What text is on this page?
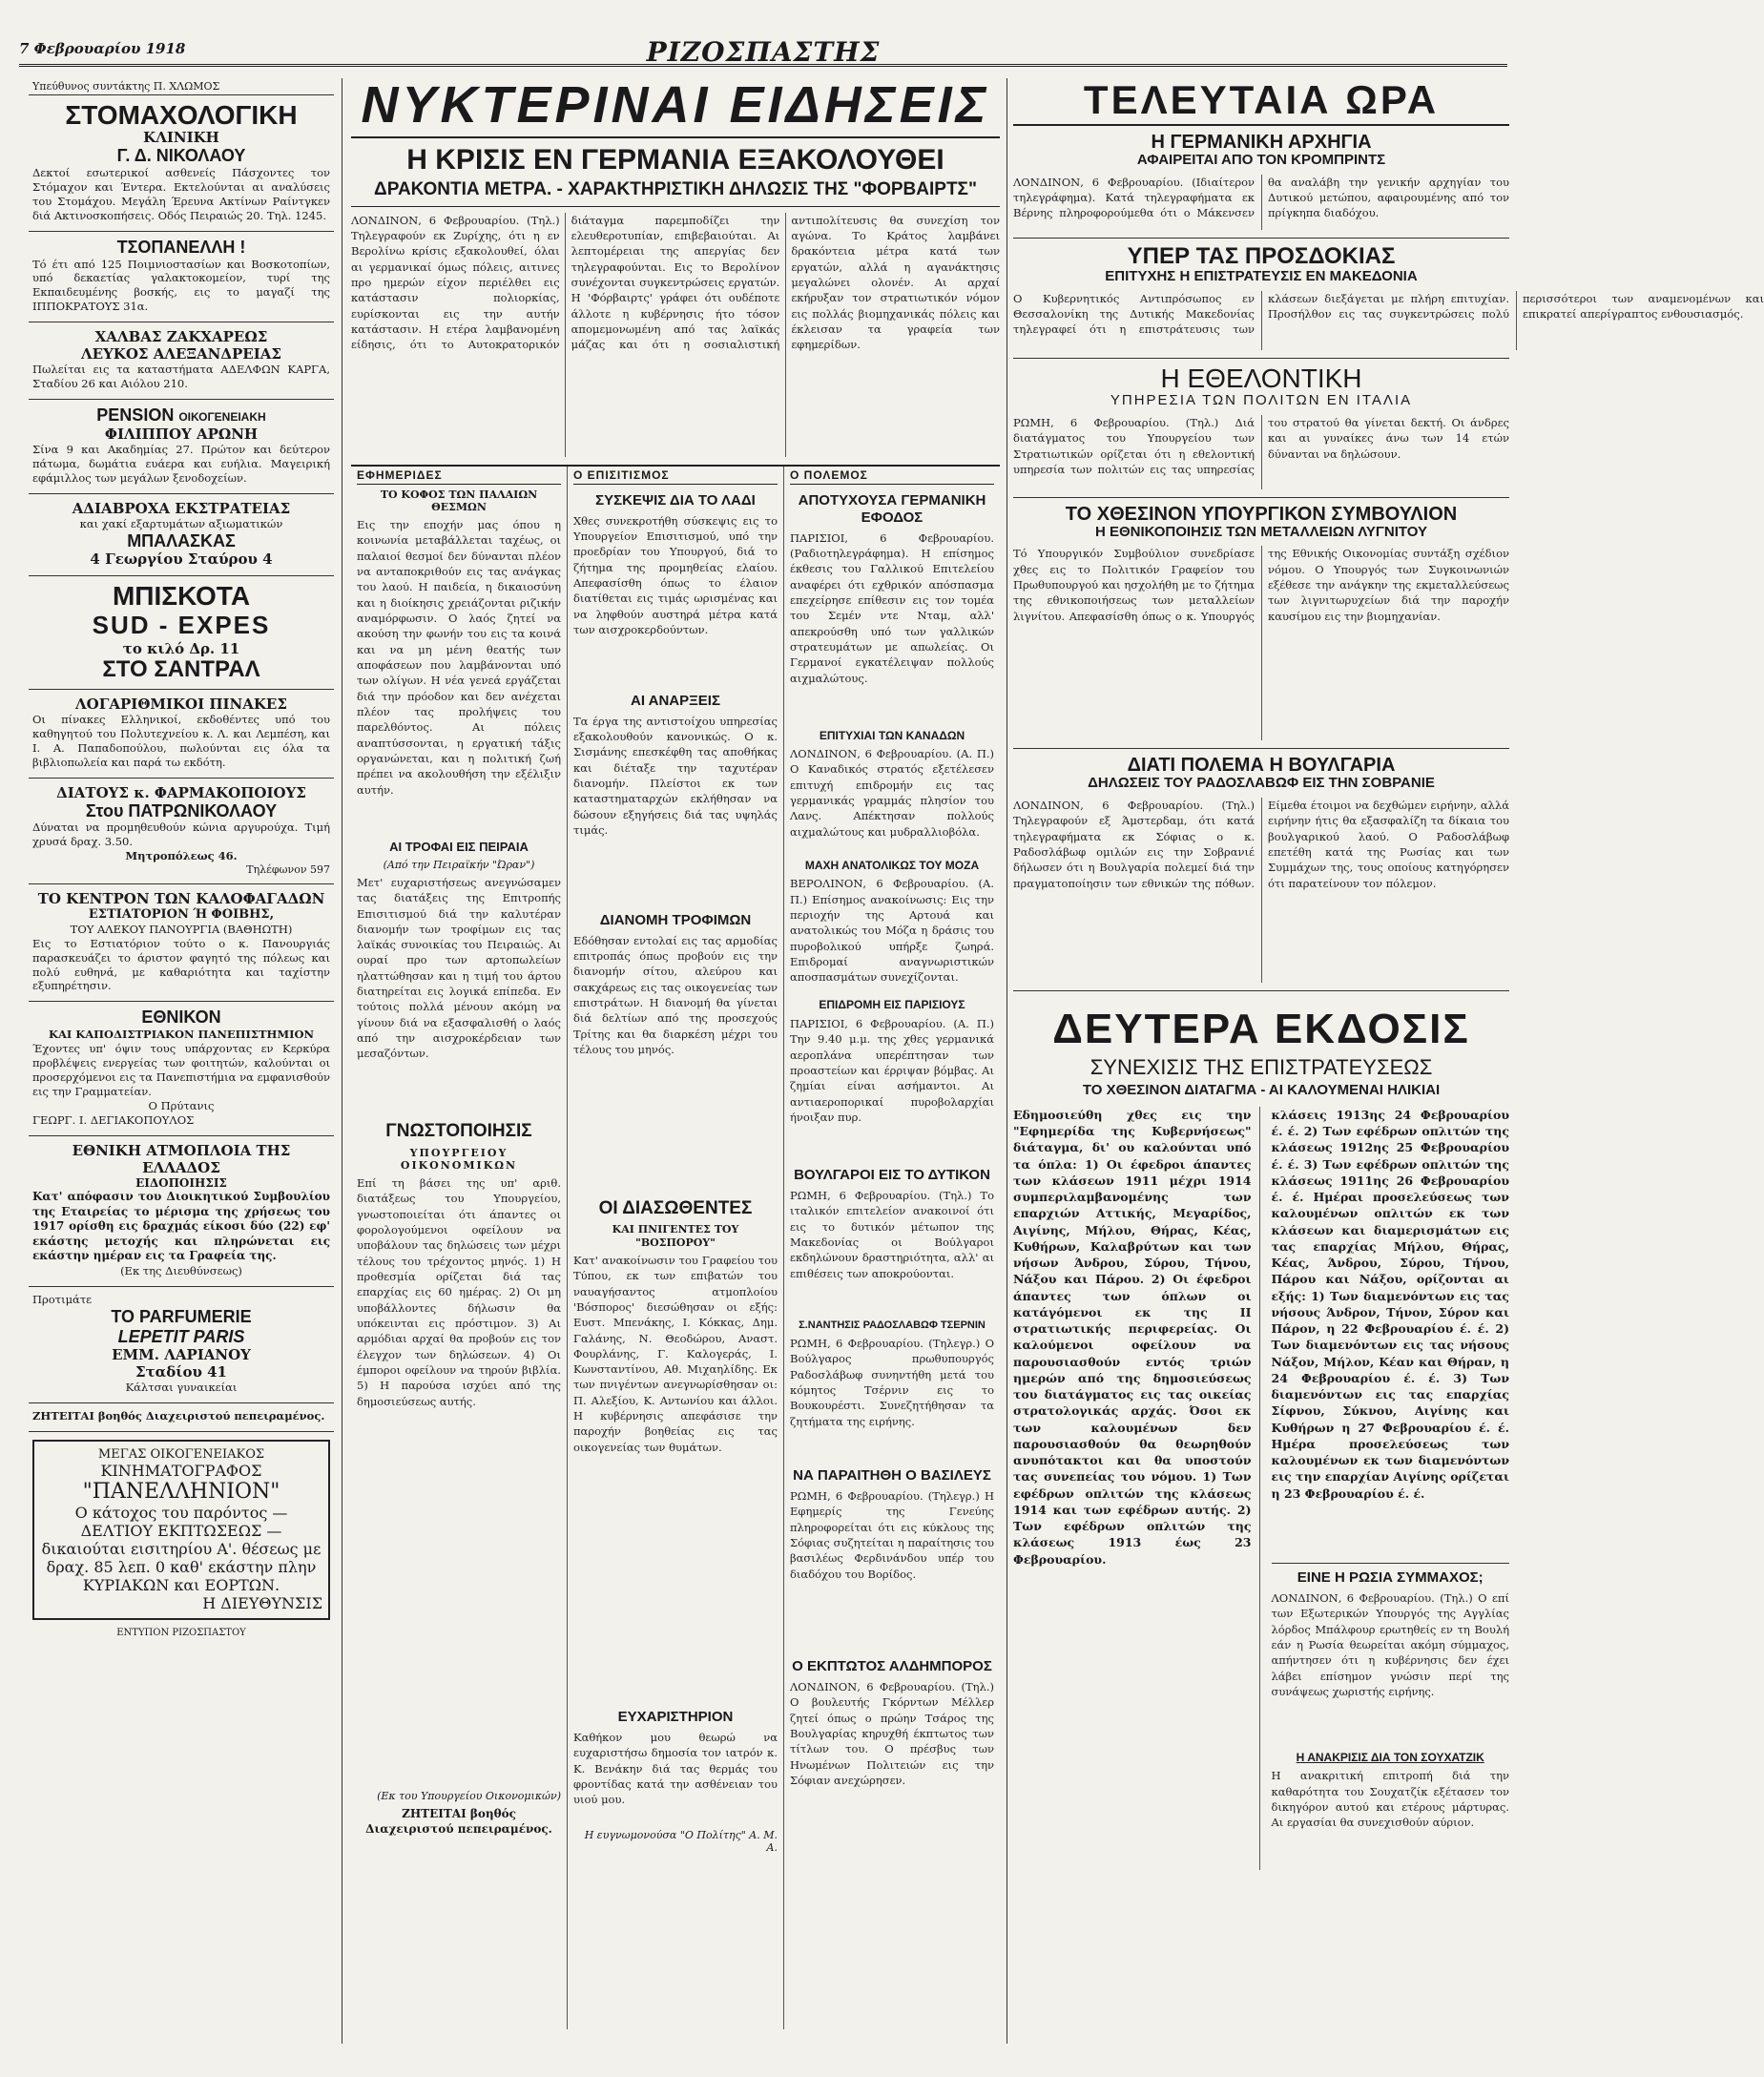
7 Φεβρουαρίου 1918	ΡΙΖΟΣΠΑΣΤΗΣ
Υπεύθυνος συντάκτης Π. ΧΛΩΜΟΣ
ΣΤΟΜΑΧΟΛΟΓΙΚΗ
ΚΛΙΝΙΚΗ
Γ. Δ. ΝΙΚΟΛΑΟΥ
Δεκτοί εσωτερικοί ασθενείς Πάσχοντες τον Στόμαχον και Έντερα. Εκτελούνται αι αναλύσεις του Στομάχου. Μεγάλη Έρευνα Ακτίνων Ραίντγκεν διά Ακτινοσκοπήσεις. Οδός Πειραιώς 20. Τηλ. 1245.
ΤΣΟΠΑΝΕΛΛΗ !
Τό έτι από 125 Ποιμνιοστασίων και Βοσκοτοπίων, υπό δεκαετίας γαλακτοκομείον, τυρί της Εκπαιδευμένης βοσκής, εις το μαγαζί της ΙΠΠΟΚΡΑΤΟΥΣ 31α.
ΧΑΛΒΑΣ ΖΑΚΧΑΡΕΩΣ
ΛΕΥΚΟΣ ΑΛΕΞΑΝΔΡΕΙΑΣ
Πωλείται εις τα καταστήματα ΑΔΕΛΦΩΝ ΚΑΡΓΑ, Σταδίου 26 και Αιόλου 210.
PENSION ΟΙΚΟΓΕΝΕΙΑΚΗ
ΦΙΛΙΠΠΟΥ ΑΡΩΝΗ
Σίνα 9 και Ακαδημίας 27. Πρώτον και δεύτερον πάτωμα, δωμάτια ευάερα και ευήλια. Μαγειρική εφάμιλλος των μεγάλων ξενοδοχείων.
ΑΔΙΑΒΡΟΧΑ ΕΚΣΤΡΑΤΕΙΑΣ
και χακί εξαρτυμάτων αξιωματικών
ΜΠΑΛΑΣΚΑΣ
4 Γεωργίου Σταύρου 4
ΜΠΙΣΚΟΤΑ
SUD - EXPES
το κιλό Δρ. 11
ΣΤΟ ΣΑΝΤΡΑΛ
ΛΟΓΑΡΙΘΜΙΚΟΙ ΠΙΝΑΚΕΣ
Οι πίνακες Ελληνικοί, εκδοθέντες υπό του καθηγητού του Πολυτεχνείου κ. Λ. και Λεμπέση, και Ι. Α. Παπαδοπούλου, πωλούνται εις όλα τα βιβλιοπωλεία και παρά τω εκδότη.
ΔΙΑΤΟΥΣ κ. ΦΑΡΜΑΚΟΠΟΙΟΥΣ
Στου ΠΑΤΡΩΝΙΚΟΛΑΟΥ
Δύναται να προμηθευθούν κώνια αργυρούχα. Τιμή χρυσά δραχ. 3.50.
Μητροπόλεως 46.
Τηλέφωνον 597
ΤΟ ΚΕΝΤΡΟΝ ΤΩΝ ΚΑΛΟΦΑΓΑΔΩΝ
ΕΣΤΙΑΤΟΡΙΟΝ Ή ΦΟΙΒΗΣ,
ΤΟΥ ΑΛΕΚΟΥ ΠΑΝΟΥΡΓΙΑ (ΒΑΘΗΩΤΗ)
Εις το Εστιατόριον τούτο ο κ. Πανουργιάς παρασκευάζει το άριστον φαγητό της πόλεως και πολύ ευθηνά, με καθαριότητα και ταχίστην εξυπηρέτησιν.
ΕΘΝΙΚΟΝ
ΚΑΙ ΚΑΠΟΔΙΣΤΡΙΑΚΟΝ ΠΑΝΕΠΙΣΤΗΜΙΟΝ
Έχοντες υπ' όψιν τους υπάρχοντας εν Κερκύρα προβλέψεις ενεργείας των φοιτητών, καλούνται οι προσερχόμενοι εις τα Πανεπιστήμια να εμφανισθούν εις την Γραμματείαν.
Ο Πρύτανις
ΓΕΩΡΓ. Ι. ΔΕΓΙΑΚΟΠΟΥΛΟΣ
ΕΘΝΙΚΗ ΑΤΜΟΠΛΟΙΑ ΤΗΣ ΕΛΛΑΔΟΣ
ΕΙΔΟΠΟΙΗΣΙΣ
Κατ' απόφασιν του Διοικητικού Συμβουλίου της Εταιρείας το μέρισμα της χρήσεως του 1917 ορίσθη εις δραχμάς είκοσι δύο (22) εφ' εκάστης μετοχής και πληρώνεται εις εκάστην ημέραν εις τα Γραφεία της.
(Εκ της Διευθύνσεως)
Προτιμάτε
ΤΟ PARFUMERIE
LEPETIT PARIS
ΕΜΜ. ΛΑΡΙΑΝΟΥ
Σταδίου 41
Κάλτσαι γυναικείαι
ΖΗΤΕΙΤΑΙ βοηθός Διαχειριστού πεπειραμένος.
ΜΕΓΑΣ ΟΙΚΟΓΕΝΕΙΑΚΟΣ
ΚΙΝΗΜΑΤΟΓΡΑΦΟΣ
"ΠΑΝΕΛΛΗΝΙΟΝ"
Ο κάτοχος του παρόντος — ΔΕΛΤΙΟΥ ΕΚΠΤΩΣΕΩΣ — δικαιούται εισιτηρίου Α'. θέσεως με δραχ. 85 λεπ. 0 καθ' εκάστην πλην ΚΥΡΙΑΚΩΝ και ΕΟΡΤΩΝ.
Η ΔΙΕΥΘΥΝΣΙΣ
ΕΝΤΥΠΟΝ ΡΙΖΟΣΠΑΣΤΟΥ
ΝΥΚΤΕΡΙΝΑΙ ΕΙΔΗΣΕΙΣ
Η ΚΡΙΣΙΣ ΕΝ ΓΕΡΜΑΝΙΑ ΕΞΑΚΟΛΟΥΘΕΙ
ΔΡΑΚΟΝΤΙΑ ΜΕΤΡΑ. - ΧΑΡΑΚΤΗΡΙΣΤΙΚΗ ΔΗΛΩΣΙΣ ΤΗΣ "ΦΟΡΒΑΙΡΤΣ"
ΛΟΝΔΙΝΟΝ, 6 Φεβρουαρίου. (Τηλ.) Τηλεγραφούν εκ Ζυρίχης, ότι η εν Βερολίνω κρίσις εξακολουθεί, όλαι αι γερμανικαί όμως πόλεις, αιτινες προ ημερών είχον περιέλθει εις κατάστασιν πολιορκίας, ευρίσκονται εις την αυτήν κατάστασιν. Η ετέρα λαμβανομένη είδησις, ότι το Αυτοκρατορικόν διάταγμα παρεμποδίζει την ελευθεροτυπίαν, επιβεβαιούται. Αι λεπτομέρειαι της απεργίας δεν τηλεγραφούνται. Εις το Βερολίνον συνέχονται συγκεντρώσεις εργατών. Η 'Φόρβαιρτς' γράφει ότι ουδέποτε άλλοτε η κυβέρνησις ήτο τόσον απομεμονωμένη από τας λαϊκάς μάζας και ότι η σοσιαλιστική αντιπολίτευσις θα συνεχίση τον αγώνα. Το Κράτος λαμβάνει δρακόντεια μέτρα κατά των εργατών, αλλά η αγανάκτησις μεγαλώνει ολονέν. Αι αρχαί εκήρυξαν τον στρατιωτικόν νόμον εις πολλάς βιομηχανικάς πόλεις και έκλεισαν τα γραφεία των εφημερίδων.
ΕΦΗΜΕΡΙΔΕΣ
ΤΟ ΚΟΦΟΣ ΤΩΝ ΠΑΛΑΙΩΝ ΘΕΣΜΩΝ
Εις την εποχήν μας όπου η κοινωνία μεταβάλλεται ταχέως, οι παλαιοί θεσμοί δεν δύνανται πλέον να ανταποκριθούν εις τας ανάγκας του λαού. Η παιδεία, η δικαιοσύνη και η διοίκησις χρειάζονται ριζικήν αναμόρφωσιν. Ο λαός ζητεί να ακούση την φωνήν του εις τα κοινά και να μη μένη θεατής των αποφάσεων που λαμβάνονται υπό των ολίγων. Η νέα γενεά εργάζεται διά την πρόοδον και δεν ανέχεται πλέον τας προλήψεις του παρελθόντος. Αι πόλεις αναπτύσσονται, η εργατική τάξις οργανώνεται, και η πολιτική ζωή πρέπει να ακολουθήση την εξέλιξιν αυτήν.
ΑΙ ΤΡΟΦΑΙ ΕΙΣ ΠΕΙΡΑΙΑ
(Από την Πειραϊκήν "Ώραν")
Μετ' ευχαριστήσεως ανεγνώσαμεν τας διατάξεις της Επιτροπής Επισιτισμού διά την καλυτέραν διανομήν των τροφίμων εις τας λαϊκάς συνοικίας του Πειραιώς. Αι ουραί προ των αρτοπωλείων ηλαττώθησαν και η τιμή του άρτου διατηρείται εις λογικά επίπεδα. Εν τούτοις πολλά μένουν ακόμη να γίνουν διά να εξασφαλισθή ο λαός από την αισχροκέρδειαν των μεσαζόντων.
ΓΝΩΣΤΟΠΟΙΗΣΙΣ
ΥΠΟΥΡΓΕΙΟΥ ΟΙΚΟΝΟΜΙΚΩΝ
Επί τη βάσει της υπ' αριθ. διατάξεως του Υπουργείου, γνωστοποιείται ότι άπαντες οι φορολογούμενοι οφείλουν να υποβάλουν τας δηλώσεις των μέχρι τέλους του τρέχοντος μηνός. 1) Η προθεσμία ορίζεται διά τας επαρχίας εις 60 ημέρας. 2) Οι μη υποβάλλοντες δήλωσιν θα υπόκεινται εις πρόστιμον. 3) Αι αρμόδιαι αρχαί θα προβούν εις τον έλεγχον των δηλώσεων. 4) Οι έμποροι οφείλουν να τηρούν βιβλία. 5) Η παρούσα ισχύει από της δημοσιεύσεως αυτής.
(Εκ του Υπουργείου Οικονομικών)
ΖΗΤΕΙΤΑΙ βοηθός Διαχειριστού πεπειραμένος.
Ο ΕΠΙΣΙΤΙΣΜΟΣ
ΣΥΣΚΕΨΙΣ ΔΙΑ ΤΟ ΛΑΔΙ
Χθες συνεκροτήθη σύσκεψις εις το Υπουργείον Επισιτισμού, υπό την προεδρίαν του Υπουργού, διά το ζήτημα της προμηθείας ελαίου. Απεφασίσθη όπως το έλαιον διατίθεται εις τιμάς ωρισμένας και να ληφθούν αυστηρά μέτρα κατά των αισχροκερδούντων.
ΑΙ ΑΝΑΡΞΕΙΣ
Τα έργα της αντιστοίχου υπηρεσίας εξακολουθούν κανονικώς. Ο κ. Σισμάνης επεσκέφθη τας αποθήκας και διέταξε την ταχυτέραν διανομήν. Πλείστοι εκ των καταστηματαρχών εκλήθησαν να δώσουν εξηγήσεις διά τας υψηλάς τιμάς.
ΔΙΑΝΟΜΗ ΤΡΟΦΙΜΩΝ
Εδόθησαν εντολαί εις τας αρμοδίας επιτροπάς όπως προβούν εις την διανομήν σίτου, αλεύρου και σακχάρεως εις τας οικογενείας των επιστράτων. Η διανομή θα γίνεται διά δελτίων από της προσεχούς Τρίτης και θα διαρκέση μέχρι του τέλους του μηνός.
ΟΙ ΔΙΑΣΩΘΕΝΤΕΣ
ΚΑΙ ΠΝΙΓΕΝΤΕΣ ΤΟΥ "ΒΟΣΠΟΡΟΥ"
Κατ' ανακοίνωσιν του Γραφείου του Τύπου, εκ των επιβατών του ναυαγήσαντος ατμοπλοίου 'Βόσπορος' διεσώθησαν οι εξής: Ευστ. Μπενάκης, Ι. Κόκκας, Δημ. Γαλάνης, Ν. Θεοδώρου, Αναστ. Φουρλάνης, Γ. Καλογεράς, Ι. Κωνσταντίνου, Αθ. Μιχαηλίδης. Εκ των πνιγέντων ανεγνωρίσθησαν οι: Π. Αλεξίου, Κ. Αντωνίου και άλλοι. Η κυβέρνησις απεφάσισε την παροχήν βοηθείας εις τας οικογενείας των θυμάτων.
ΕΥΧΑΡΙΣΤΗΡΙΟΝ
Καθήκον μου θεωρώ να ευχαριστήσω δημοσία τον ιατρόν κ. Κ. Βενάκην διά τας θερμάς του φροντίδας κατά την ασθένειαν του υιού μου.
Η ευγνωμονούσα "Ο Πολίτης" Α. Μ. Α.
Ο ΠΟΛΕΜΟΣ
ΑΠΟΤΥΧΟΥΣΑ ΓΕΡΜΑΝΙΚΗ ΕΦΟΔΟΣ
ΠΑΡΙΣΙΟΙ, 6 Φεβρουαρίου. (Ραδιοτηλεγράφημα). Η επίσημος έκθεσις του Γαλλικού Επιτελείου αναφέρει ότι εχθρικόν απόσπασμα επεχείρησε επίθεσιν εις τον τομέα του Σεμέν ντε Νταμ, αλλ' απεκρούσθη υπό των γαλλικών στρατευμάτων με απωλείας. Οι Γερμανοί εγκατέλειψαν πολλούς αιχμαλώτους.
ΕΠΙΤΥΧΙΑΙ ΤΩΝ ΚΑΝΑΔΩΝ
ΛΟΝΔΙΝΟΝ, 6 Φεβρουαρίου. (Α. Π.) Ο Καναδικός στρατός εξετέλεσεν επιτυχή επιδρομήν εις τας γερμανικάς γραμμάς πλησίον του Λανς. Απέκτησαν πολλούς αιχμαλώτους και μυδραλλιοβόλα.
ΜΑΧΗ ΑΝΑΤΟΛΙΚΩΣ ΤΟΥ ΜΟΖΑ
ΒΕΡΟΛΙΝΟΝ, 6 Φεβρουαρίου. (Α. Π.) Επίσημος ανακοίνωσις: Εις την περιοχήν της Αρτουά και ανατολικώς του Μόζα η δράσις του πυροβολικού υπήρξε ζωηρά. Επιδρομαί αναγνωριστικών αποσπασμάτων συνεχίζονται.
ΕΠΙΔΡΟΜΗ ΕΙΣ ΠΑΡΙΣΙΟΥΣ
ΠΑΡΙΣΙΟΙ, 6 Φεβρουαρίου. (Α. Π.) Την 9.40 μ.μ. της χθες γερμανικά αεροπλάνα υπερέπτησαν των προαστείων και έρριψαν βόμβας. Αι ζημίαι είναι ασήμαντοι. Αι αντιαεροπορικαί πυροβολαρχίαι ήνοιξαν πυρ.
ΒΟΥΛΓΑΡΟΙ ΕΙΣ ΤΟ ΔΥΤΙΚΟΝ
ΡΩΜΗ, 6 Φεβρουαρίου. (Τηλ.) Το ιταλικόν επιτελείον ανακοινοί ότι εις το δυτικόν μέτωπον της Μακεδονίας οι Βούλγαροι εκδηλώνουν δραστηριότητα, αλλ' αι επιθέσεις των αποκρούονται.
Σ.ΝΑΝΤΗΣΙΣ ΡΑΔΟΣΛΑΒΩΦ ΤΣΕΡΝΙΝ
ΡΩΜΗ, 6 Φεβρουαρίου. (Τηλεγρ.) Ο Βούλγαρος πρωθυπουργός Ραδοσλάβωφ συνηντήθη μετά του κόμητος Τσέρνιν εις το Βουκουρέστι. Συνεζητήθησαν τα ζητήματα της ειρήνης.
ΝΑ ΠΑΡΑΙΤΗΘΗ Ο ΒΑΣΙΛΕΥΣ
ΡΩΜΗ, 6 Φεβρουαρίου. (Τηλεγρ.) Η Εφημερίς της Γενεύης πληροφορείται ότι εις κύκλους της Σόφιας συζητείται η παραίτησις του βασιλέως Φερδινάνδου υπέρ του διαδόχου του Βορίδος.
Ο ΕΚΠΤΩΤΟΣ ΑΛΔΗΜΠΟΡΟΣ
ΛΟΝΔΙΝΟΝ, 6 Φεβρουαρίου. (Τηλ.) Ο βουλευτής Γκόρντων Μέλλερ ζητεί όπως ο πρώην Τσάρος της Βουλγαρίας κηρυχθή έκπτωτος των τίτλων του. Ο πρέσβυς των Ηνωμένων Πολιτειών εις την Σόφιαν ανεχώρησεν.
ΤΕΛΕΥΤΑΙΑ ΩΡΑ
Η ΓΕΡΜΑΝΙΚΗ ΑΡΧΗΓΙΑ
ΑΦΑΙΡΕΙΤΑΙ ΑΠΟ ΤΟΝ ΚΡΟΜΠΡΙΝΤΣ
ΛΟΝΔΙΝΟΝ, 6 Φεβρουαρίου. (Ιδιαίτερον τηλεγράφημα). Κατά τηλεγραφήματα εκ Βέρνης πληροφορούμεθα ότι ο Μάκενσεν θα αναλάβη την γενικήν αρχηγίαν του Δυτικού μετώπου, αφαιρουμένης από τον πρίγκηπα διαδόχου.
ΥΠΕΡ ΤΑΣ ΠΡΟΣΔΟΚΙΑΣ
ΕΠΙΤΥΧΗΣ Η ΕΠΙΣΤΡΑΤΕΥΣΙΣ ΕΝ ΜΑΚΕΔΟΝΙΑ
Ο Κυβερνητικός Αντιπρόσωπος εν Θεσσαλονίκη της Δυτικής Μακεδονίας τηλεγραφεί ότι η επιστράτευσις των κλάσεων διεξάγεται με πλήρη επιτυχίαν. Προσήλθον εις τας συγκεντρώσεις πολύ περισσότεροι των αναμενομένων και επικρατεί απερίγραπτος ενθουσιασμός.
Η ΕΘΕΛΟΝΤΙΚΗ
ΥΠΗΡΕΣΙΑ ΤΩΝ ΠΟΛΙΤΩΝ ΕΝ ΙΤΑΛΙΑ
ΡΩΜΗ, 6 Φεβρουαρίου. (Τηλ.) Διά διατάγματος του Υπουργείου των Στρατιωτικών ορίζεται ότι η εθελοντική υπηρεσία των πολιτών εις τας υπηρεσίας του στρατού θα γίνεται δεκτή. Οι άνδρες και αι γυναίκες άνω των 14 ετών δύνανται να δηλώσουν.
ΤΟ ΧΘΕΣΙΝΟΝ ΥΠΟΥΡΓΙΚΟΝ ΣΥΜΒΟΥΛΙΟΝ
Η ΕΘΝΙΚΟΠΟΙΗΣΙΣ ΤΩΝ ΜΕΤΑΛΛΕΙΩΝ ΛΥΓΝΙΤΟΥ
Τό Υπουργικόν Συμβούλιον συνεδρίασε χθες εις το Πολιτικόν Γραφείον του Πρωθυπουργού και ησχολήθη με το ζήτημα της εθνικοποιήσεως των μεταλλείων λιγνίτου. Απεφασίσθη όπως ο κ. Υπουργός της Εθνικής Οικονομίας συντάξη σχέδιον νόμου. Ο Υπουργός των Συγκοινωνιών εξέθεσε την ανάγκην της εκμεταλλεύσεως των λιγνιτωρυχείων διά την παροχήν καυσίμου εις την βιομηχανίαν.
ΔΙΑΤΙ ΠΟΛΕΜΑ Η ΒΟΥΛΓΑΡΙΑ
ΔΗΛΩΣΕΙΣ ΤΟΥ ΡΑΔΟΣΛΑΒΩΦ ΕΙΣ ΤΗΝ ΣΟΒΡΑΝΙΕ
ΛΟΝΔΙΝΟΝ, 6 Φεβρουαρίου. (Τηλ.) Τηλεγραφούν εξ Άμστερδαμ, ότι κατά τηλεγραφήματα εκ Σόφιας ο κ. Ραδοσλάβωφ ομιλών εις την Σοβρανιέ δήλωσεν ότι η Βουλγαρία πολεμεί διά την πραγματοποίησιν των εθνικών της πόθων. Είμεθα έτοιμοι να δεχθώμεν ειρήνην, αλλά ειρήνην ήτις θα εξασφαλίζη τα δίκαια του βουλγαρικού λαού. Ο Ραδοσλάβωφ επετέθη κατά της Ρωσίας και των Συμμάχων της, τους οποίους κατηγόρησεν ότι παρατείνουν τον πόλεμον.
ΔΕΥΤΕΡΑ ΕΚΔΟΣΙΣ
ΣΥΝΕΧΙΣΙΣ ΤΗΣ ΕΠΙΣΤΡΑΤΕΥΣΕΩΣ
ΤΟ ΧΘΕΣΙΝΟΝ ΔΙΑΤΑΓΜΑ - ΑΙ ΚΑΛΟΥΜΕΝΑΙ ΗΛΙΚΙΑΙ
Εδημοσιεύθη χθες εις την "Εφημερίδα της Κυβερνήσεως" διάταγμα, δι' ου καλούνται υπό τα όπλα: 1) Οι έφεδροι άπαντες των κλάσεων 1911 μέχρι 1914 συμπεριλαμβανομένης των επαρχιών Αττικής, Μεγαρίδος, Αιγίνης, Μήλου, Θήρας, Κέας, Κυθήρων, Καλαβρύτων και των νήσων Άνδρου, Σύρου, Τήνου, Νάξου και Πάρου. 2) Οι έφεδροι άπαντες των όπλων οι κατάγόμενοι εκ της ΙΙ στρατιωτικής περιφερείας. Οι καλούμενοι οφείλουν να παρουσιασθούν εντός τριών ημερών από της δημοσιεύσεως του διατάγματος εις τας οικείας στρατολογικάς αρχάς. Όσοι εκ των καλουμένων δεν παρουσιασθούν θα θεωρηθούν ανυπότακτοι και θα υποστούν τας συνεπείας του νόμου. 1) Των εφέδρων οπλιτών της κλάσεως 1914 και των εφέδρων αυτής. 2) Των εφέδρων οπλιτών της κλάσεως 1913 έως 23 Φεβρουαρίου.
κλάσεις 1913ης 24 Φεβρουαρίου έ. έ. 2) Των εφέδρων οπλιτών της κλάσεως 1912ης 25 Φεβρουαρίου έ. έ. 3) Των εφέδρων οπλιτών της κλάσεως 1911ης 26 Φεβρουαρίου έ. έ. Ημέραι προσελεύσεως των καλουμένων οπλιτών εκ των κλάσεων και διαμερισμάτων εις τας επαρχίας Μήλου, Θήρας, Κέας, Άνδρου, Σύρου, Τήνου, Πάρου και Νάξου, ορίζονται αι εξής: 1) Των διαμενόντων εις τας νήσους Άνδρον, Τήνον, Σύρον και Πάρον, η 22 Φεβρουαρίου έ. έ. 2) Των διαμενόντων εις τας νήσους Νάξον, Μήλον, Κέαν και Θήραν, η 24 Φεβρουαρίου έ. έ. 3) Των διαμενόντων εις τας επαρχίας Σίφνου, Σύκνου, Αιγίνης και Κυθήρων η 27 Φεβρουαρίου έ. έ. Ημέρα προσελεύσεως των καλουμένων εκ των διαμενόντων εις την επαρχίαν Αιγίνης ορίζεται η 23 Φεβρουαρίου έ. έ.
ΕΙΝΕ Η ΡΩΣΙΑ ΣΥΜΜΑΧΟΣ;
ΛΟΝΔΙΝΟΝ, 6 Φεβρουαρίου. (Τηλ.) Ο επί των Εξωτερικών Υπουργός της Αγγλίας λόρδος Μπάλφουρ ερωτηθείς εν τη Βουλή εάν η Ρωσία θεωρείται ακόμη σύμμαχος, απήντησεν ότι η κυβέρνησις δεν έχει λάβει επίσημον γνώσιν περί της συνάψεως χωριστής ειρήνης.
Η ΑΝΑΚΡΙΣΙΣ ΔΙΑ ΤΟΝ ΣΟΥΧΑΤΖΙΚ
Η ανακριτική επιτροπή διά την καθαρότητα του Σουχατζίκ εξέτασεν τον δικηγόρον αυτού και ετέρους μάρτυρας. Αι εργασίαι θα συνεχισθούν αύριον.
